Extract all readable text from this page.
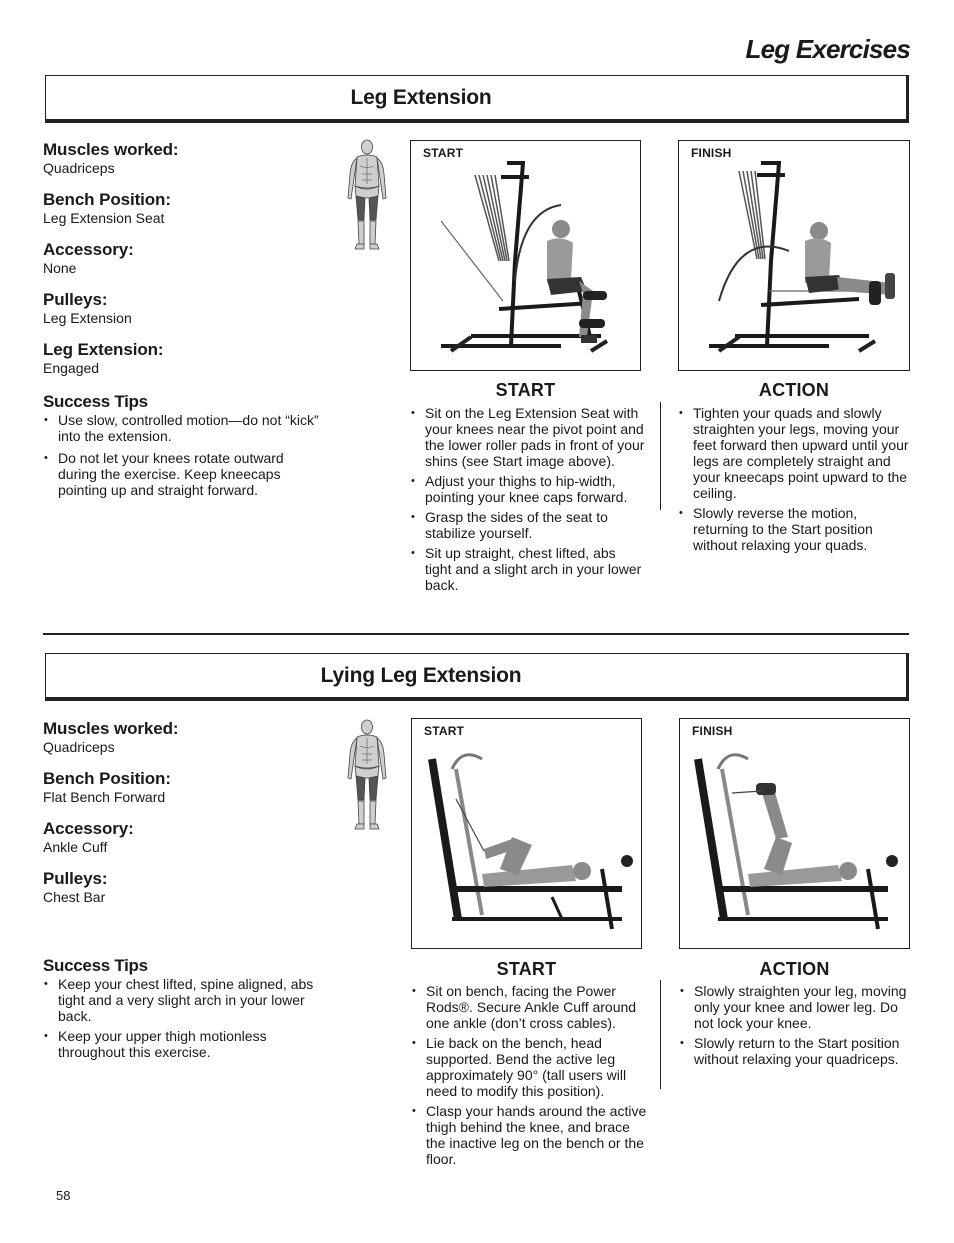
Leg Exercises
Leg Extension
Muscles worked:
Quadriceps
Bench Position:
Leg Extension Seat
Accessory:
None
Pulleys:
Leg Extension
Leg Extension:
Engaged
Success Tips
• Use slow, controlled motion—do not “kick” into the extension.
• Do not let your knees rotate outward during the exercise. Keep kneecaps pointing up and straight forward.
START	FINISH
START
• Sit on the Leg Extension Seat with your knees near the pivot point and the lower roller pads in front of your shins (see Start image above).
• Adjust your thighs to hip-width, pointing your knee caps forward.
• Grasp the sides of the seat to stabilize yourself.
• Sit up straight, chest lifted, abs tight and a slight arch in your lower back.
ACTION
• Tighten your quads and slowly straighten your legs, moving your feet forward then upward until your legs are completely straight and your kneecaps point upward to the ceiling.
• Slowly reverse the motion, returning to the Start position without relaxing your quads.
Lying Leg Extension
Muscles worked:
Quadriceps
Bench Position:
Flat Bench Forward
Accessory:
Ankle Cuff
Pulleys:
Chest Bar
Success Tips
• Keep your chest lifted, spine aligned, abs tight and a very slight arch in your lower back.
• Keep your upper thigh motionless throughout this exercise.
START	FINISH
START
• Sit on bench, facing the Power Rods®. Secure Ankle Cuff around one ankle (don’t cross cables).
• Lie back on the bench, head supported. Bend the active leg approximately 90° (tall users will need to modify this position).
• Clasp your hands around the active thigh behind the knee, and brace the inactive leg on the bench or the floor.
ACTION
• Slowly straighten your leg, moving only your knee and lower leg. Do not lock your knee.
• Slowly return to the Start position without relaxing your quadriceps.
58
